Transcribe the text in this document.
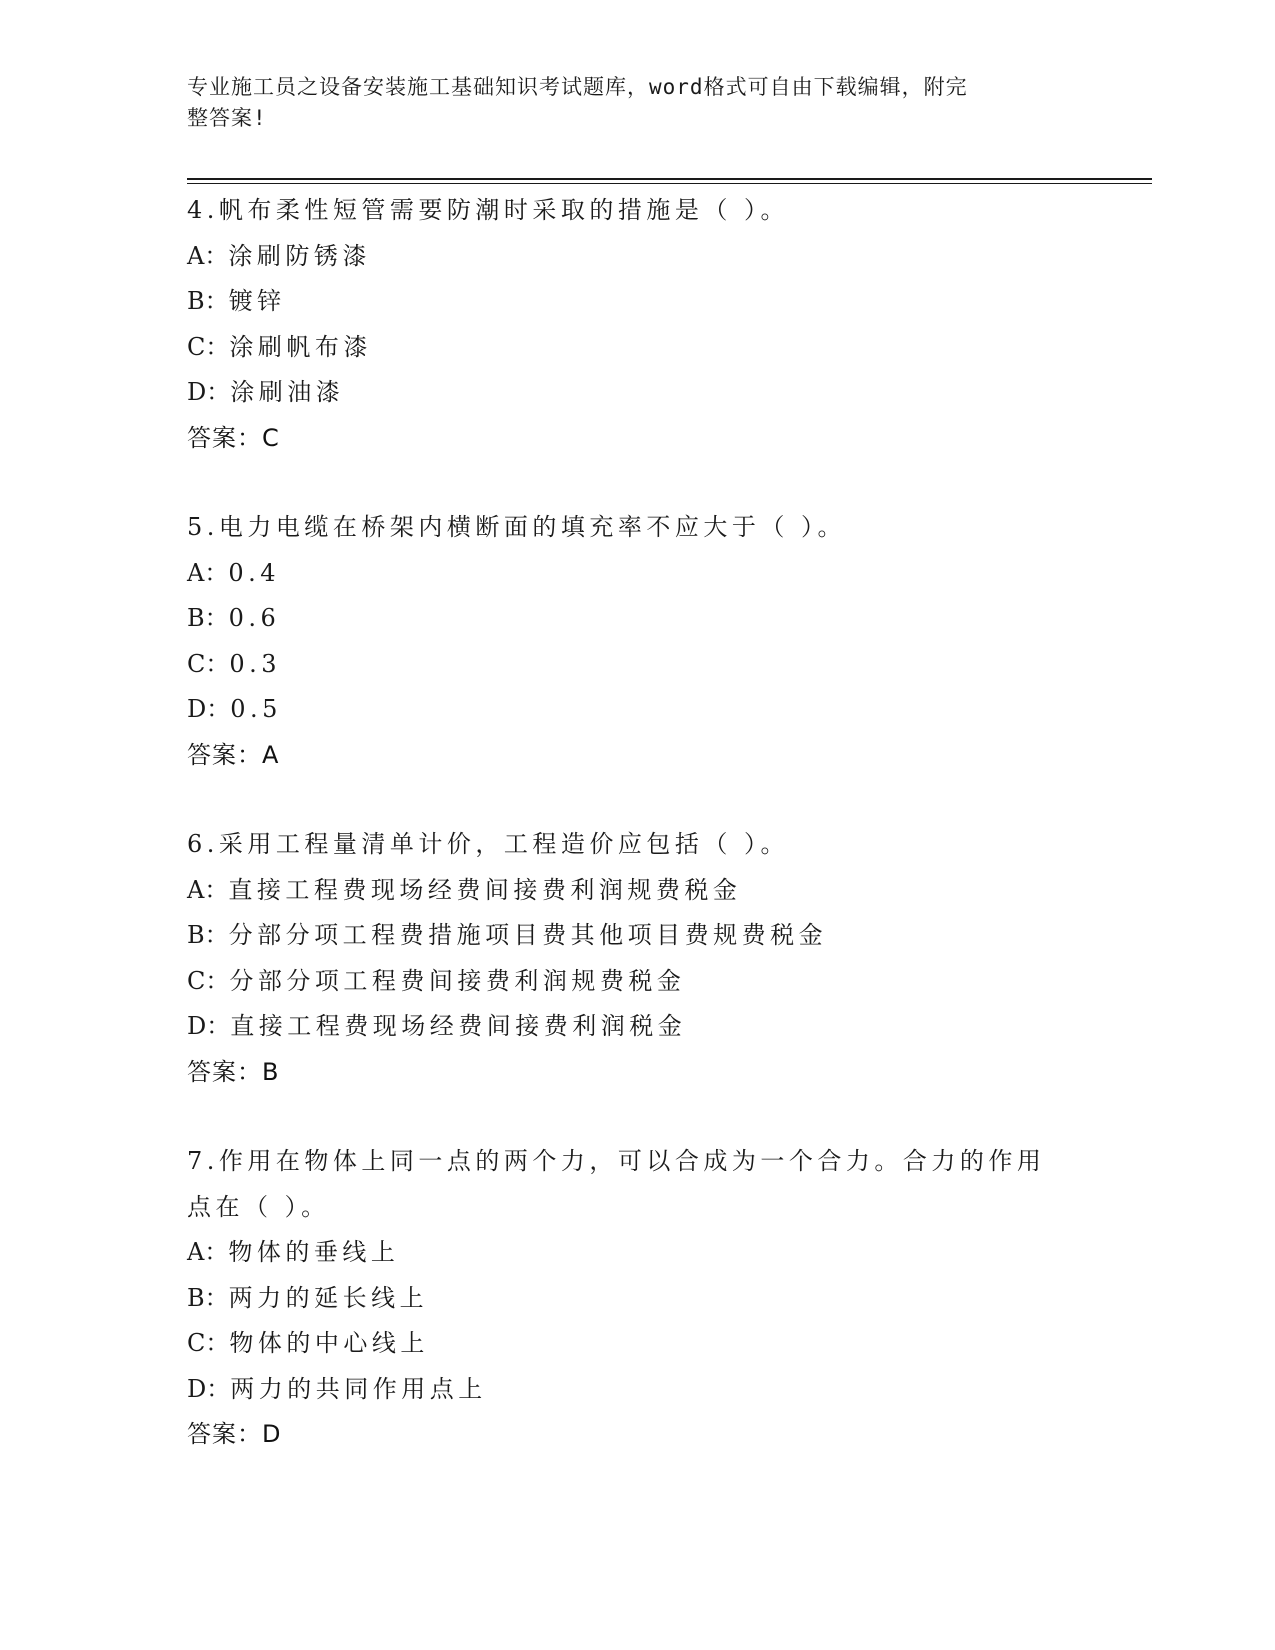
专业施工员之设备安装施工基础知识考试题库，word格式可自由下载编辑，附完
整答案!
4.帆布柔性短管需要防潮时采取的措施是（ ）。
A：涂刷防锈漆
B：镀锌
C：涂刷帆布漆
D：涂刷油漆
答案：C
5.电力电缆在桥架内横断面的填充率不应大于（ ）。
A：0.4
B：0.6
C：0.3
D：0.5
答案：A
6.采用工程量清单计价，工程造价应包括（ ）。
A：直接工程费现场经费间接费利润规费税金
B：分部分项工程费措施项目费其他项目费规费税金
C：分部分项工程费间接费利润规费税金
D：直接工程费现场经费间接费利润税金
答案：B
7.作用在物体上同一点的两个力，可以合成为一个合力。合力的作用
点在（ ）。
A：物体的垂线上
B：两力的延长线上
C：物体的中心线上
D：两力的共同作用点上
答案：D
